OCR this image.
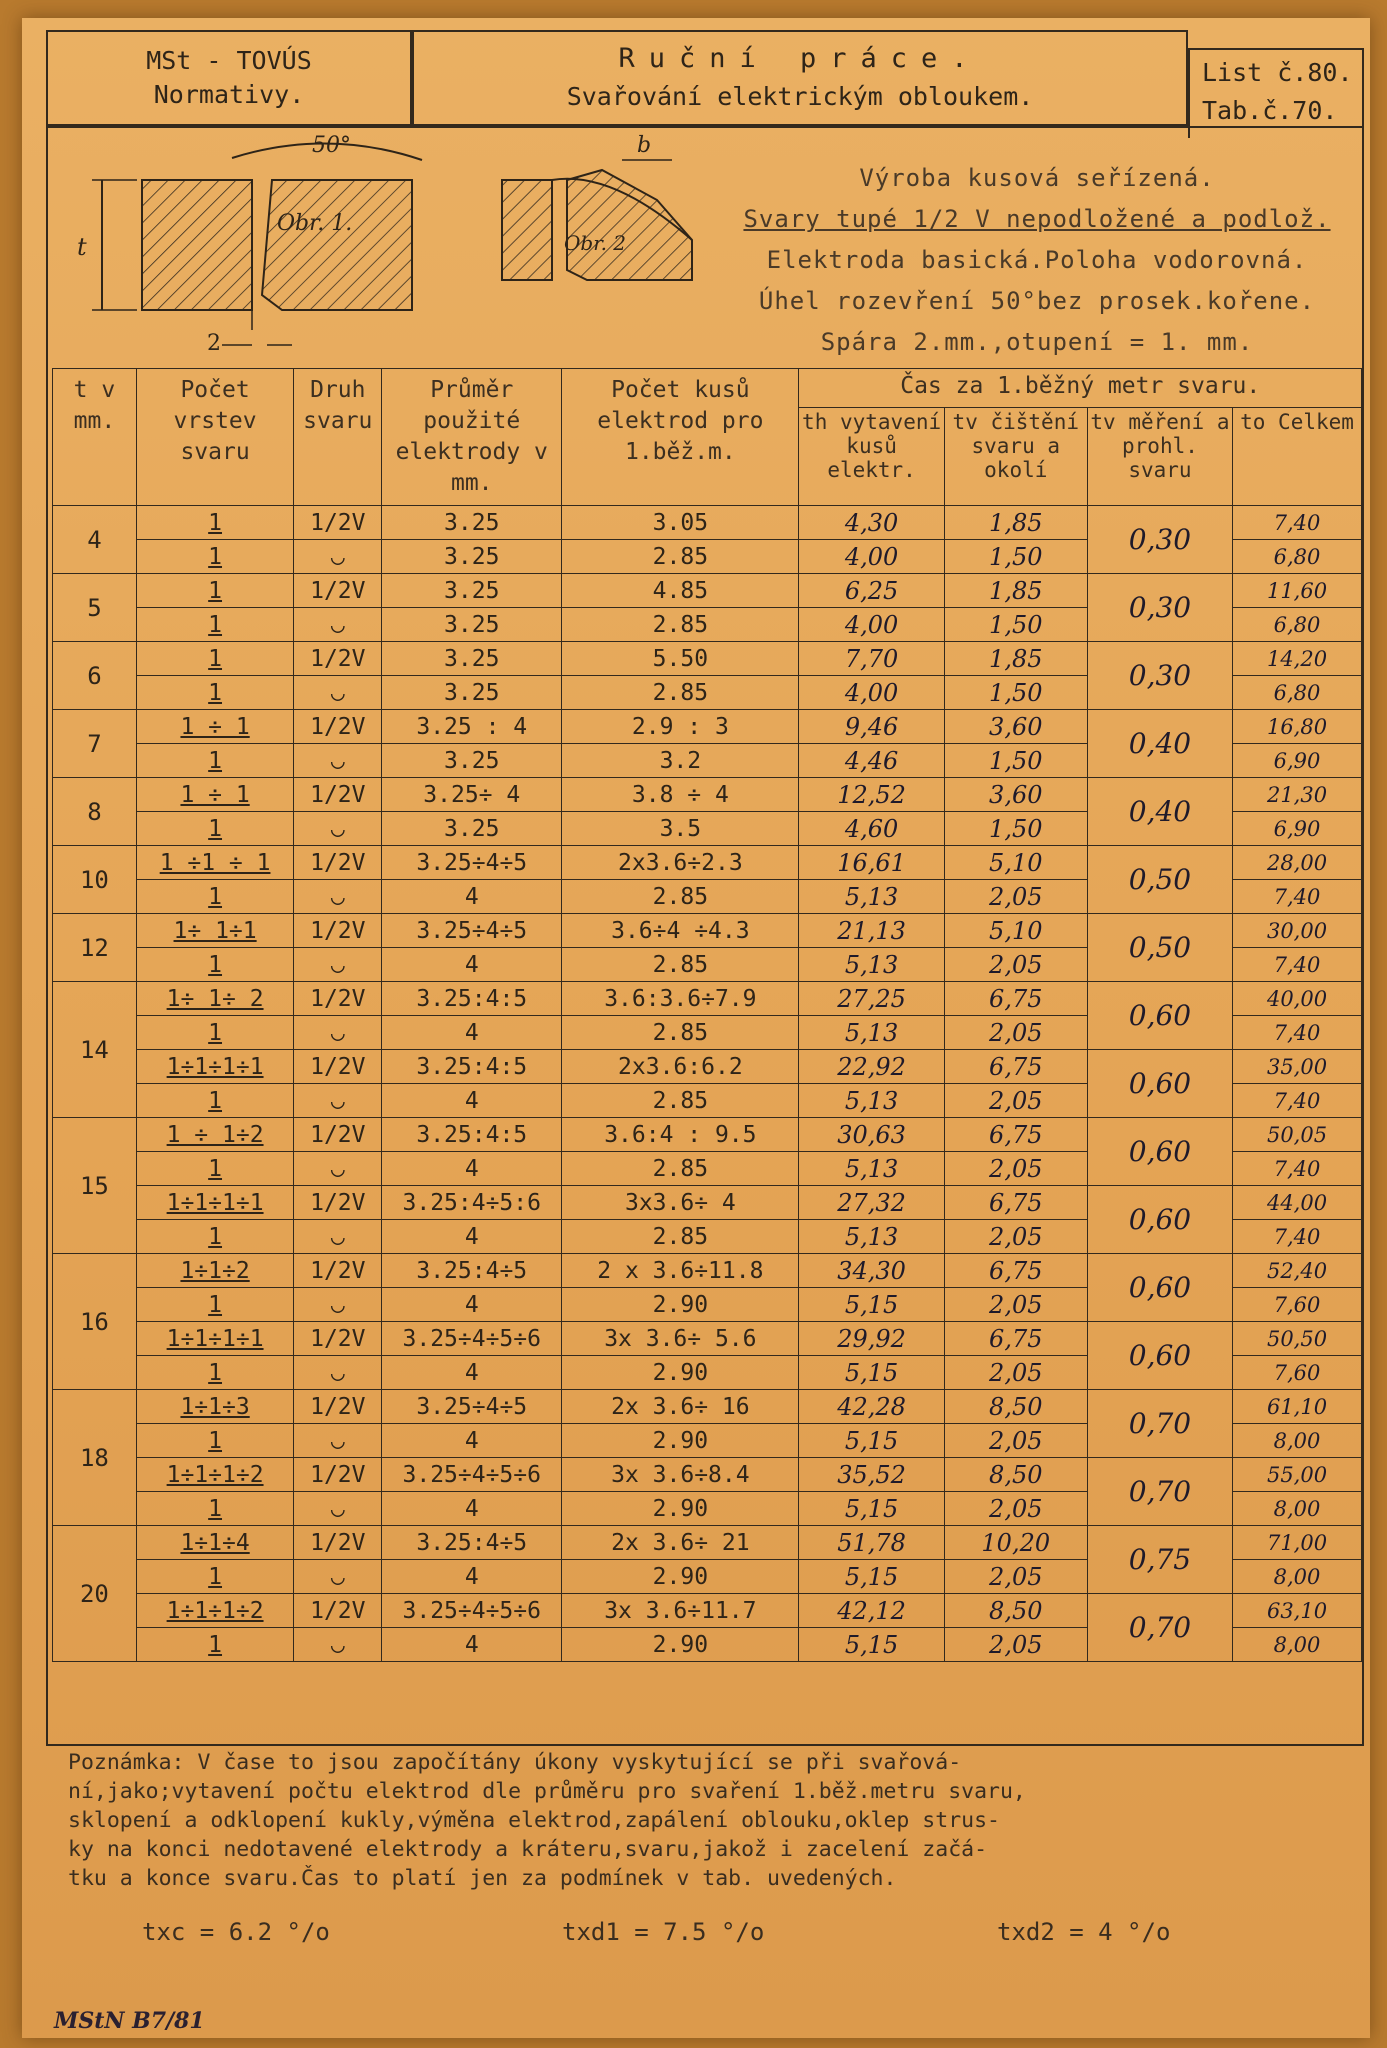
MSt - TOVÚS
Normativy.
Ruční práce.
Svařování elektrickým obloukem.
List č.80.
Tab.č.70.
50°
Obr. 1.
t
2
Obr. 2
b
Výroba kusová seřízená.
Svary tupé 1/2 V nepodložené a podlož.
Elektroda basická.Poloha vodorovná.
Úhel rozevření 50°bez prosek.kořene.
Spára 2.mm.,otupení = 1. mm.
t v mm.	Počet vrstev svaru	Druh svaru	Průměr použité elektrody v mm.	Počet kusů elektrod pro 1.běž.m.	Čas za 1.běžný metr svaru.			
					th vytavení kusů elektr.	tv čištění svaru a okolí	tv měření a prohl. svaru	to Celkem
4	1	1/2V	3.25	3.05	4,30	1,85	0,30	7,40
	1	◡	3.25	2.85	4,00	1,50		6,80
5	1	1/2V	3.25	4.85	6,25	1,85	0,30	11,60
	1	◡	3.25	2.85	4,00	1,50		6,80
6	1	1/2V	3.25	5.50	7,70	1,85	0,30	14,20
	1	◡	3.25	2.85	4,00	1,50		6,80
7	1 ÷ 1	1/2V	3.25 : 4	2.9 : 3	9,46	3,60	0,40	16,80
	1	◡	3.25	3.2	4,46	1,50		6,90
8	1 ÷ 1	1/2V	3.25÷ 4	3.8 ÷ 4	12,52	3,60	0,40	21,30
	1	◡	3.25	3.5	4,60	1,50		6,90
10	1 ÷1 ÷ 1	1/2V	3.25÷4÷5	2x3.6÷2.3	16,61	5,10	0,50	28,00
	1	◡	4	2.85	5,13	2,05		7,40
12	1÷ 1÷1	1/2V	3.25÷4÷5	3.6÷4 ÷4.3	21,13	5,10	0,50	30,00
	1	◡	4	2.85	5,13	2,05		7,40
14	1÷ 1÷ 2	1/2V	3.25:4:5	3.6:3.6÷7.9	27,25	6,75	0,60	40,00
	1	◡	4	2.85	5,13	2,05		7,40
	1÷1÷1÷1	1/2V	3.25:4:5	2x3.6:6.2	22,92	6,75	0,60	35,00
	1	◡	4	2.85	5,13	2,05		7,40
15	1 ÷ 1÷2	1/2V	3.25:4:5	3.6:4 : 9.5	30,63	6,75	0,60	50,05
	1	◡	4	2.85	5,13	2,05		7,40
	1÷1÷1÷1	1/2V	3.25:4÷5:6	3x3.6÷ 4	27,32	6,75	0,60	44,00
	1	◡	4	2.85	5,13	2,05		7,40
16	1÷1÷2	1/2V	3.25:4÷5	2 x 3.6÷11.8	34,30	6,75	0,60	52,40
	1	◡	4	2.90	5,15	2,05		7,60
	1÷1÷1÷1	1/2V	3.25÷4÷5÷6	3x 3.6÷ 5.6	29,92	6,75	0,60	50,50
	1	◡	4	2.90	5,15	2,05		7,60
18	1÷1÷3	1/2V	3.25÷4÷5	2x 3.6÷ 16	42,28	8,50	0,70	61,10
	1	◡	4	2.90	5,15	2,05		8,00
	1÷1÷1÷2	1/2V	3.25÷4÷5÷6	3x 3.6÷8.4	35,52	8,50	0,70	55,00
	1	◡	4	2.90	5,15	2,05		8,00
20	1÷1÷4	1/2V	3.25:4÷5	2x 3.6÷ 21	51,78	10,20	0,75	71,00
	1	◡	4	2.90	5,15	2,05		8,00
	1÷1÷1÷2	1/2V	3.25÷4÷5÷6	3x 3.6÷11.7	42,12	8,50	0,70	63,10
	1	◡	4	2.90	5,15	2,05		8,00
Poznámka: V čase to jsou započítány úkony vyskytující se při svařová-
ní,jako;vytavení počtu elektrod dle průměru pro svaření 1.běž.metru svaru,
sklopení a odklopení kukly,výměna elektrod,zapálení oblouku,oklep strus-
ky na konci nedotavené elektrody a kráteru,svaru,jakož i zacelení začá-
tku a konce svaru.Čas to platí jen za podmínek v tab. uvedených.
txc = 6.2 °/o	txd1 = 7.5 °/o	txd2 = 4 °/o
MStN B7/81
